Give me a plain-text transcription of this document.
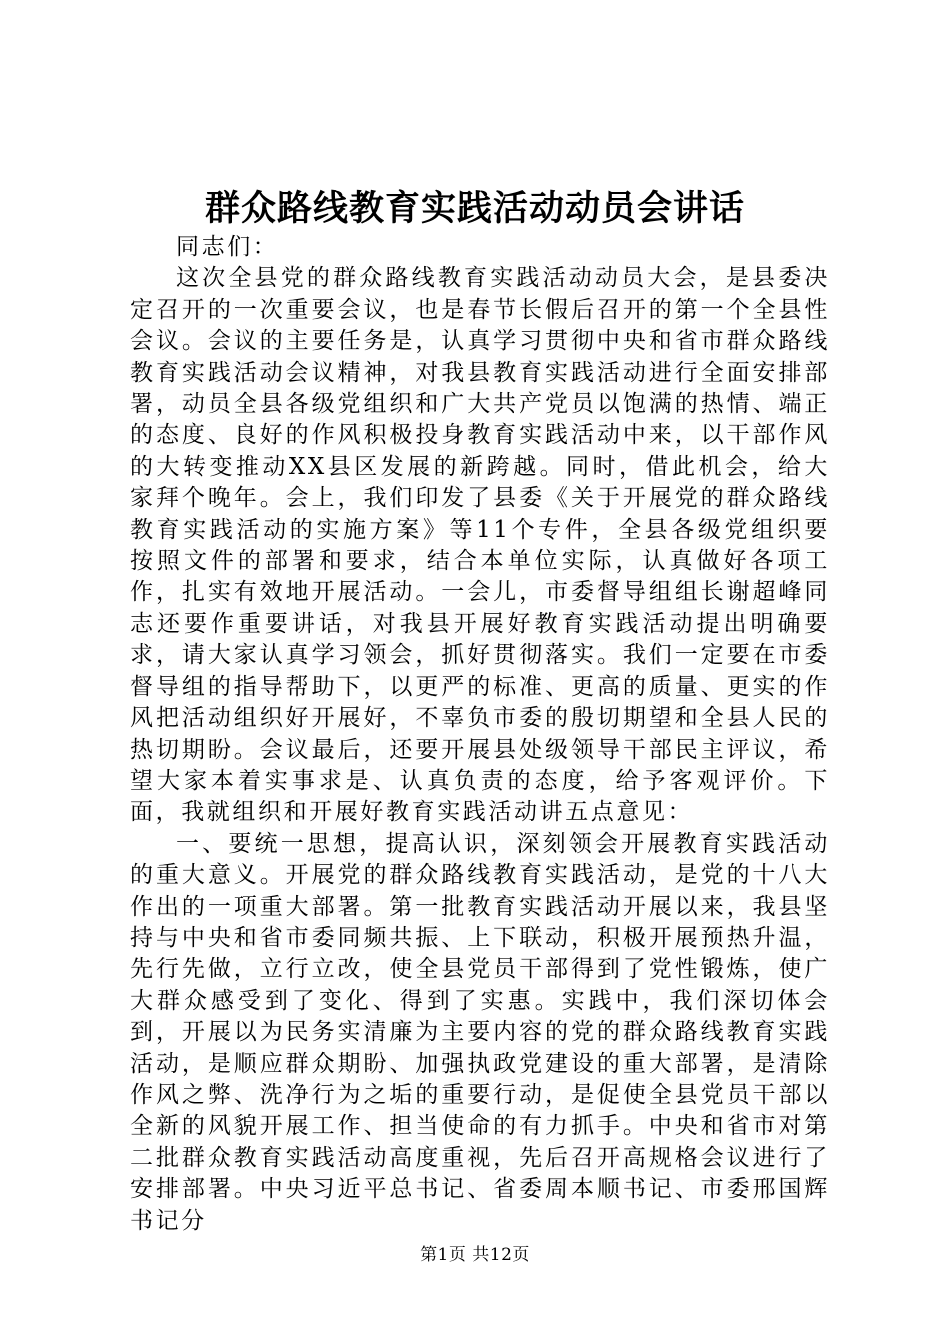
群众路线教育实践活动动员会讲话

同志们：

这次全县党的群众路线教育实践活动动员大会，是县委决定召开的一次重要会议，也是春节长假后召开的第一个全县性会议。会议的主要任务是，认真学习贯彻中央和省市群众路线教育实践活动会议精神，对我县教育实践活动进行全面安排部署，动员全县各级党组织和广大共产党员以饱满的热情、端正的态度、良好的作风积极投身教育实践活动中来，以干部作风的大转变推动XX县区发展的新跨越。同时，借此机会，给大家拜个晚年。会上，我们印发了县委《关于开展党的群众路线教育实践活动的实施方案》等11个专件，全县各级党组织要按照文件的部署和要求，结合本单位实际，认真做好各项工作，扎实有效地开展活动。一会儿，市委督导组组长谢超峰同志还要作重要讲话，对我县开展好教育实践活动提出明确要求，请大家认真学习领会，抓好贯彻落实。我们一定要在市委督导组的指导帮助下，以更严的标准、更高的质量、更实的作风把活动组织好开展好，不辜负市委的殷切期望和全县人民的热切期盼。会议最后，还要开展县处级领导干部民主评议，希望大家本着实事求是、认真负责的态度，给予客观评价。下面，我就组织和开展好教育实践活动讲五点意见：

一、要统一思想，提高认识，深刻领会开展教育实践活动的重大意义。开展党的群众路线教育实践活动，是党的十八大作出的一项重大部署。第一批教育实践活动开展以来，我县坚持与中央和省市委同频共振、上下联动，积极开展预热升温，先行先做，立行立改，使全县党员干部得到了党性锻炼，使广大群众感受到了变化、得到了实惠。实践中，我们深切体会到，开展以为民务实清廉为主要内容的党的群众路线教育实践活动，是顺应群众期盼、加强执政党建设的重大部署，是清除作风之弊、洗净行为之垢的重要行动，是促使全县党员干部以全新的风貌开展工作、担当使命的有力抓手。中央和省市对第二批群众教育实践活动高度重视，先后召开高规格会议进行了安排部署。中央习近平总书记、省委周本顺书记、市委邢国辉书记分

第1页 共12页
